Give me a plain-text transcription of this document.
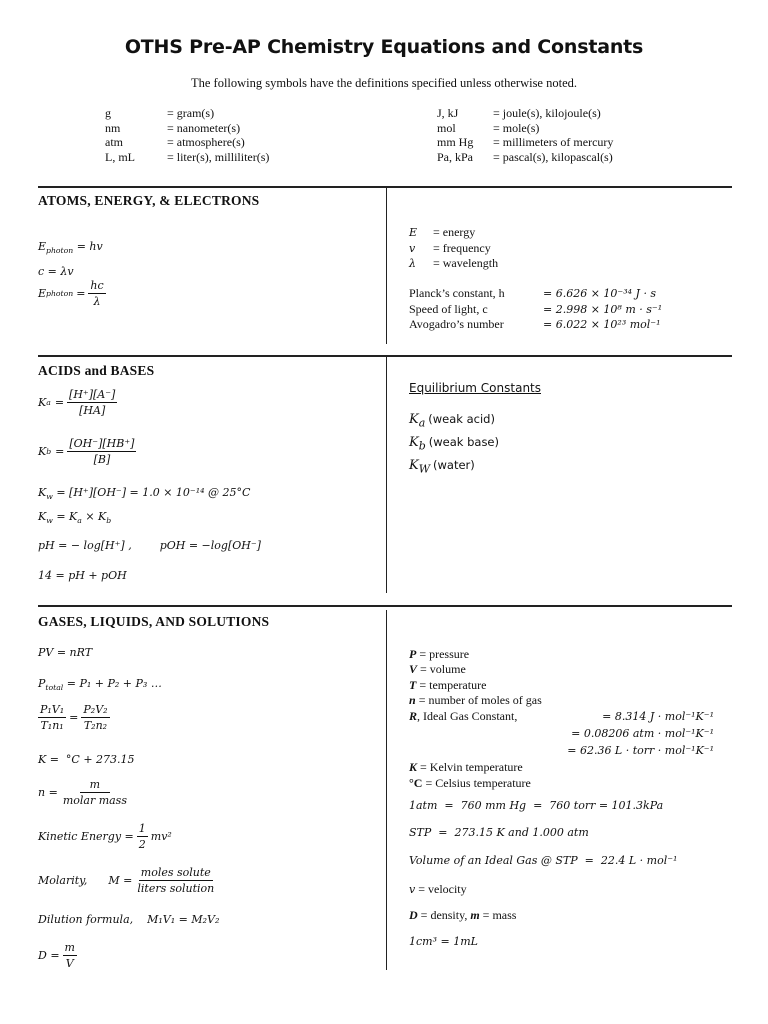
OTHS Pre-AP Chemistry Equations and Constants
The following symbols have the definitions specified unless otherwise noted.
g	= gram(s)
nm	= nanometer(s)
atm	= atmosphere(s)
L, mL	= liter(s), milliliter(s)
J, kJ	= joule(s), kilojoule(s)
mol	= mole(s)
mm Hg	= millimeters of mercury
Pa, kPa	= pascal(s), kilopascal(s)
ATOMS, ENERGY, & ELECTRONS
$E_{photon}$ = hv
c = λv
E photon = $\frac{hc}{\lambda}$
E = energy
v = frequency
λ = wavelength
Planck’s constant, h	= 6.626 × 10⁻³⁴ J · s
Speed of light, c	= 2.998 × 10⁸ m · s⁻¹
Avogadro’s number	= 6.022 × 10²³ mol⁻¹
ACIDS and BASES
K $a = \frac{[H^+][A^-]}{[HA]}$
K $b = \frac{[OH^-][HB^+]}{[B]}$
$K_w = [H^+][OH^-] = 1.0 \times 10^{-14}$ @ 25°C
$K_w = K_a \times K_b$
pH = − log[H⁺] ,        pOH = −log[OH⁻]
14 = pH + pOH
Equilibrium Constants
$K_a$ (weak acid)
$K_b$ (weak base)
$K_W$ (water)
GASES, LIQUIDS, AND SOLUTIONS
PV = nRT
$P_{total} = P_1 + P_2 + P_3$ …
$\frac{\text{P₁V₁}}{\text{T₁n₁}} = \frac{\text{P₂V₂}}{\text{T₂n₂}}$
K =  °C + 273.15
$n = \frac{m}{\text{molar mass}}$
Kinetic Energy = $\frac{1}{2} mv^2$
Molarity,      $M = \frac{\text{moles solute}}{\text{liters solution}}$
Dilution formula,    M₁V₁ = M₂V₂
$D = \frac{m}{V}$
P = pressure
V = volume
T = temperature
n = number of moles of gas
R, Ideal Gas Constant,	= 8.314 J · mol⁻¹K⁻¹
= 0.08206 atm · mol⁻¹K⁻¹
= 62.36 L · torr · mol⁻¹K⁻¹
K = Kelvin temperature
°C = Celsius temperature
1atm  =  760 mm Hg  =  760 torr = 101.3kPa
STP  =  273.15 K and 1.000 atm
Volume of an Ideal Gas @ STP  =  22.4 L · mol⁻¹
v = velocity
D = density, m = mass
1cm³ = 1mL
